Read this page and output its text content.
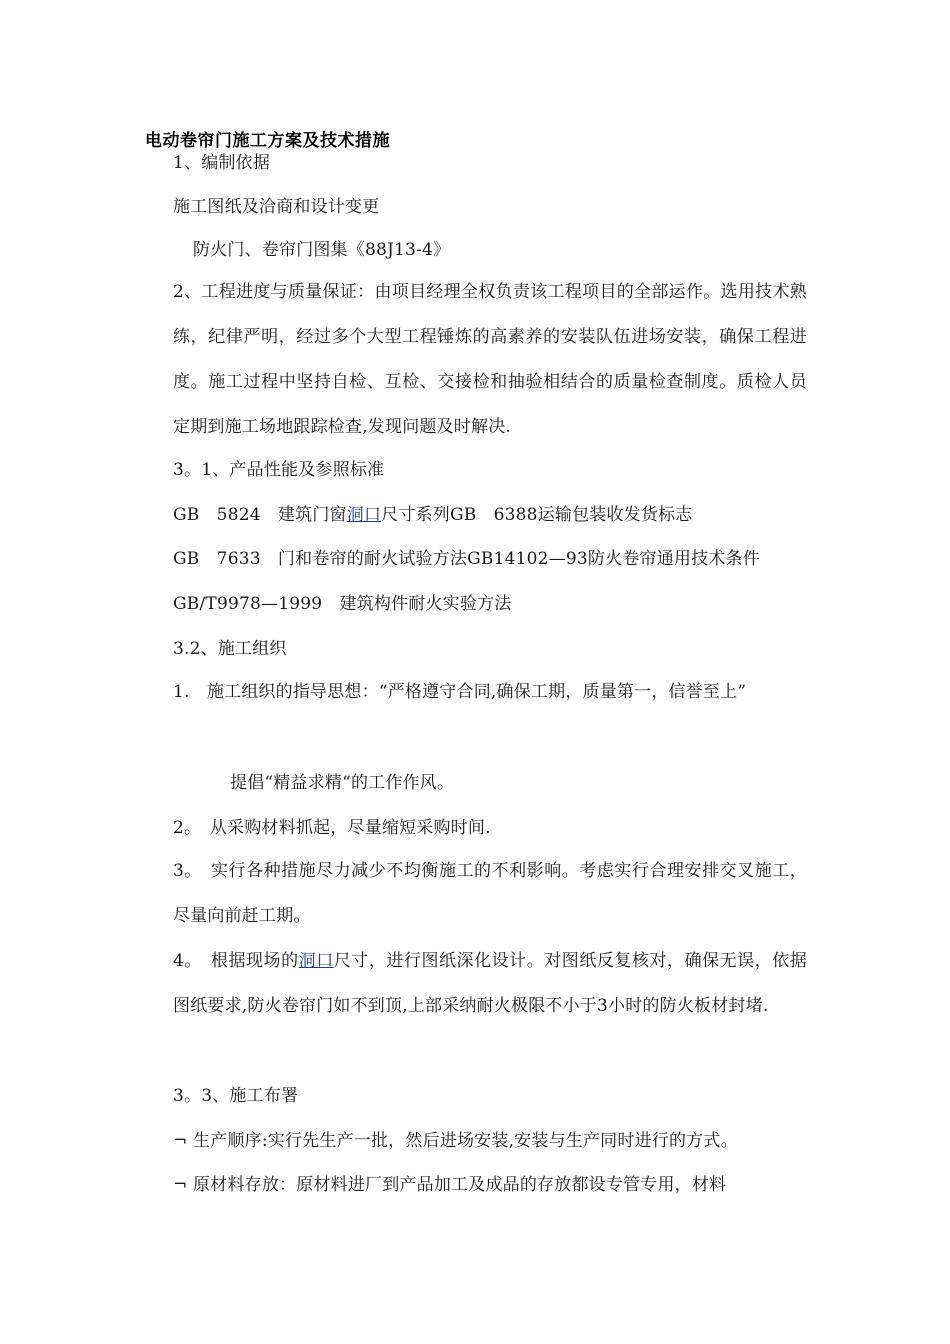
电动卷帘门施工方案及技术措施
1、编制依据
施工图纸及洽商和设计变更
防火门、卷帘门图集《88J13-4》
2、工程进度与质量保证：由项目经理全权负责该工程项目的全部运作。选用技术熟练，纪律严明，经过多个大型工程锤炼的高素养的安装队伍进场安装，确保工程进度。施工过程中坚持自检、互检、交接检和抽验相结合的质量检查制度。质检人员定期到施工场地跟踪检查,发现问题及时解决.
3。1、产品性能及参照标准
GB　5824　建筑门窗洞口尺寸系列GB　6388运输包装收发货标志
GB　7633　门和卷帘的耐火试验方法GB14102—93防火卷帘通用技术条件
GB/T9978—1999　建筑构件耐火实验方法
3.2、施工组织
1.　施工组织的指导思想：“严格遵守合同,确保工期，质量第一，信誉至上”
提倡“精益求精“的工作作风。
2。　从采购材料抓起，尽量缩短采购时间.
3。　实行各种措施尽力减少不均衡施工的不利影响。考虑实行合理安排交叉施工，尽量向前赶工期。
4。　根据现场的洞口尺寸，进行图纸深化设计。对图纸反复核对，确保无误，依据图纸要求,防火卷帘门如不到顶,上部采纳耐火极限不小于3小时的防火板材封堵.
3。3、施工布署
¬ 生产顺序:实行先生产一批，然后进场安装,安装与生产同时进行的方式。
¬ 原材料存放：原材料进厂到产品加工及成品的存放都设专管专用，材料
